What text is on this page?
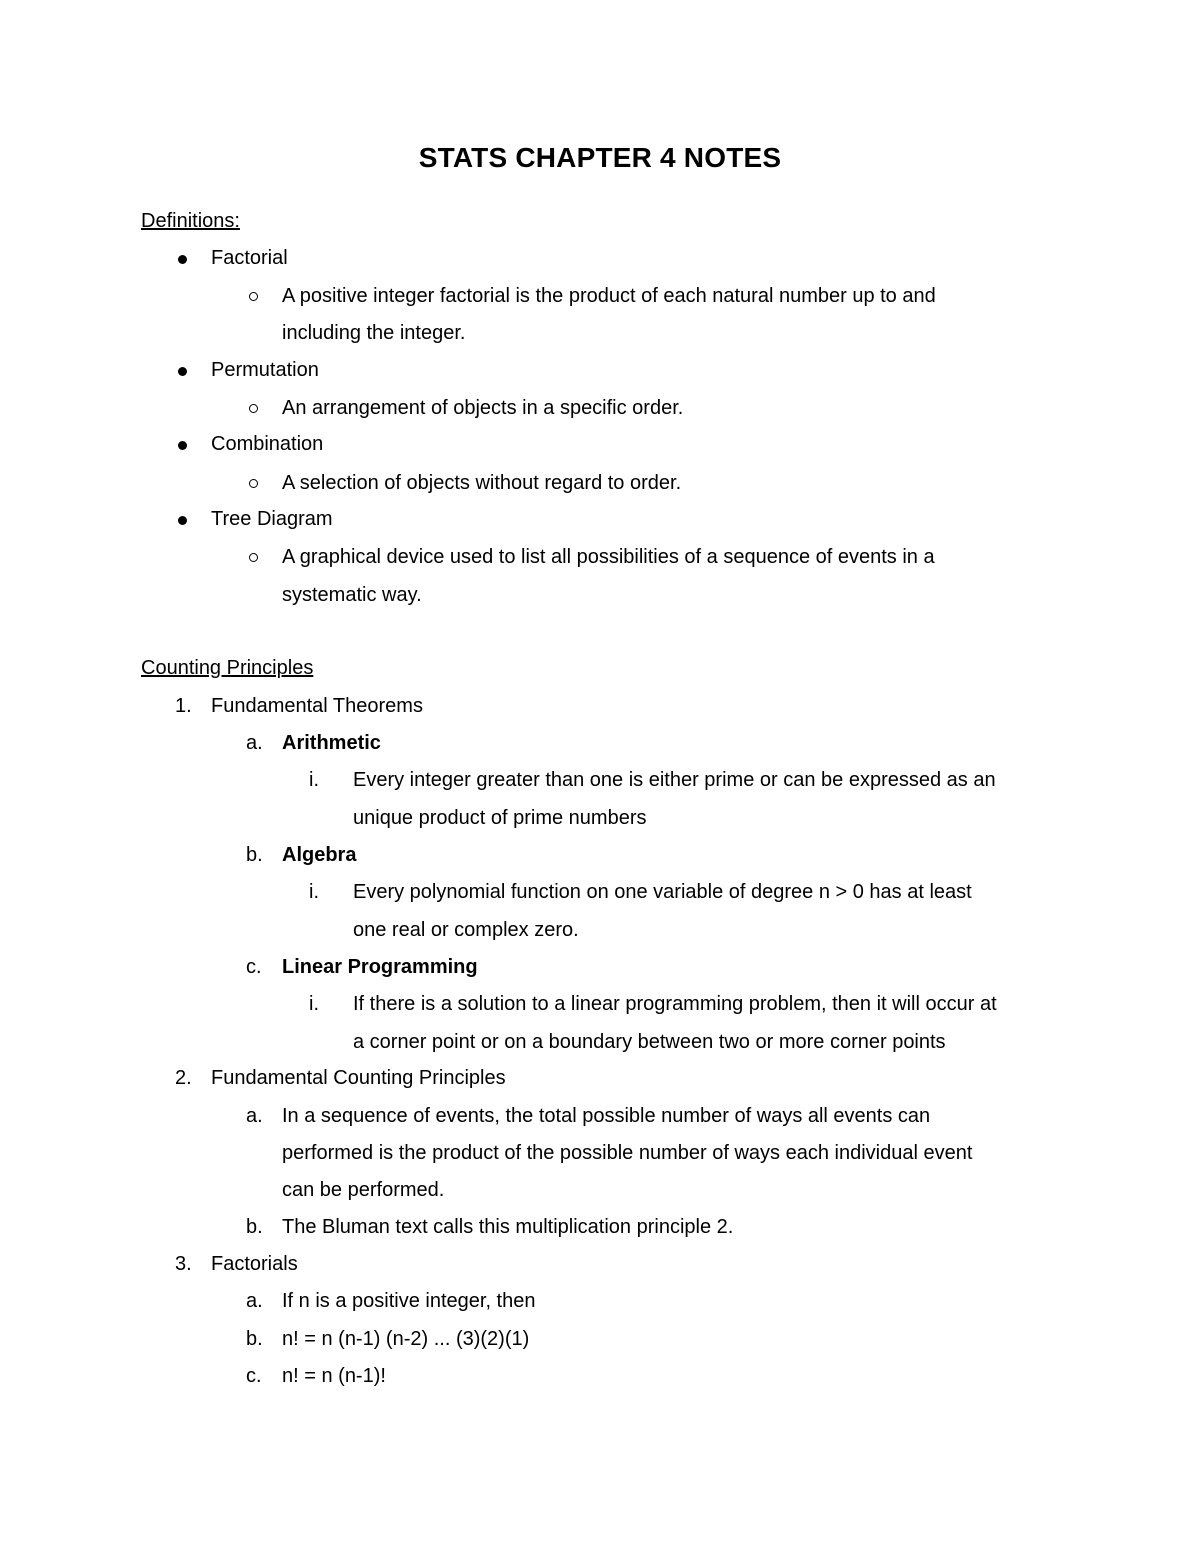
STATS CHAPTER 4 NOTES
Definitions:
Factorial
A positive integer factorial is the product of each natural number up to and
including the integer.
Permutation
An arrangement of objects in a specific order.
Combination
A selection of objects without regard to order.
Tree Diagram
A graphical device used to list all possibilities of a sequence of events in a
systematic way.
Counting Principles
1. Fundamental Theorems
a. Arithmetic
i. Every integer greater than one is either prime or can be expressed as an
unique product of prime numbers
b. Algebra
i. Every polynomial function on one variable of degree n > 0 has at least
one real or complex zero.
c. Linear Programming
i. If there is a solution to a linear programming problem, then it will occur at
a corner point or on a boundary between two or more corner points
2. Fundamental Counting Principles
a. In a sequence of events, the total possible number of ways all events can
performed is the product of the possible number of ways each individual event
can be performed.
b. The Bluman text calls this multiplication principle 2.
3. Factorials
a. If n is a positive integer, then
b. n! = n (n-1) (n-2) ... (3)(2)(1)
c. n! = n (n-1)!
